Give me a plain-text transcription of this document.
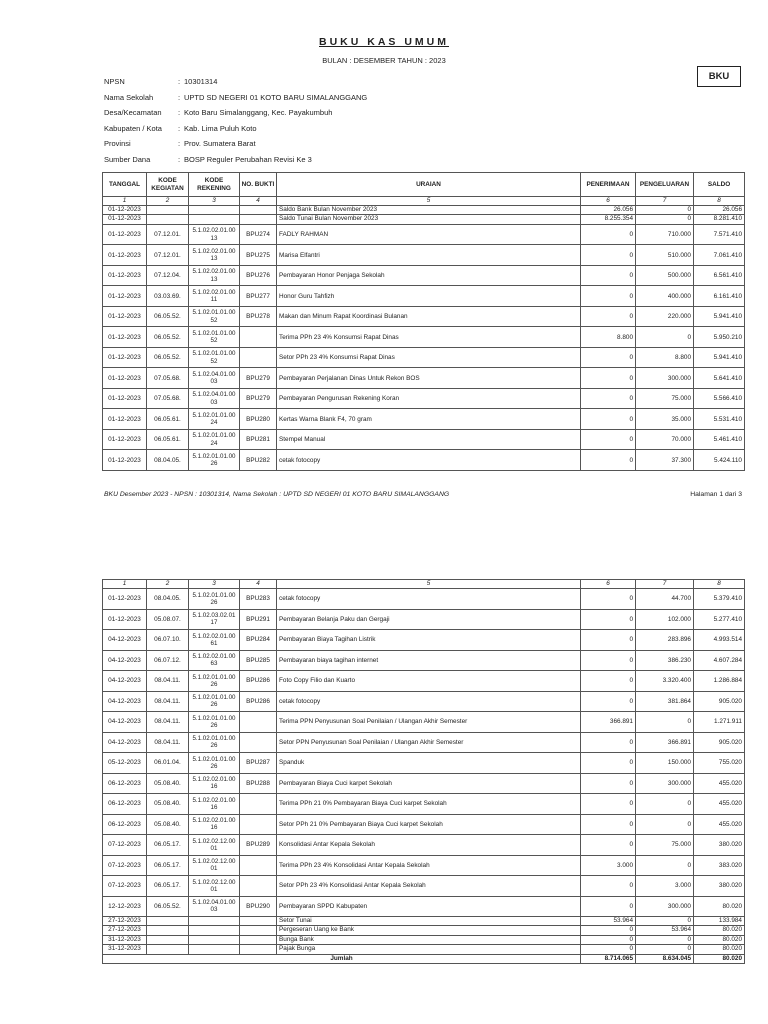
BUKU KAS UMUM
BULAN : DESEMBER TAHUN : 2023
BKU
NPSN	: 10301314
Nama Sekolah	: UPTD SD NEGERI 01 KOTO BARU SIMALANGGANG
Desa/Kecamatan	: Koto Baru Simalanggang, Kec. Payakumbuh
Kabupaten / Kota	: Kab. Lima Puluh Koto
Provinsi	: Prov. Sumatera Barat
Sumber Dana	: BOSP Reguler Perubahan Revisi Ke 3
TANGGAL	KODE KEGIATAN	KODE REKENING	NO. BUKTI	URAIAN	PENERIMAAN	PENGELUARAN	SALDO
1	2	3	4	5	6	7	8
01-12-2023				Saldo Bank Bulan November 2023	26.056	0	26.056
01-12-2023				Saldo Tunai Bulan November 2023	8.255.354	0	8.281.410
01-12-2023	07.12.01.	5.1.02.02.01.00 13	BPU274	FADLY RAHMAN	0	710.000	7.571.410
01-12-2023	07.12.01.	5.1.02.02.01.00 13	BPU275	Marisa Elfantri	0	510.000	7.061.410
01-12-2023	07.12.04.	5.1.02.02.01.00 13	BPU276	Pembayaran Honor Penjaga Sekolah	0	500.000	6.561.410
01-12-2023	03.03.69.	5.1.02.02.01.00 11	BPU277	Honor Guru Tahfizh	0	400.000	6.161.410
01-12-2023	06.05.52.	5.1.02.01.01.00 52	BPU278	Makan dan Minum Rapat Koordinasi Bulanan	0	220.000	5.941.410
01-12-2023	06.05.52.	5.1.02.01.01.00 52		Terima PPh 23 4% Konsumsi Rapat Dinas	8.800	0	5.950.210
01-12-2023	06.05.52.	5.1.02.01.01.00 52		Setor PPh 23 4% Konsumsi Rapat Dinas	0	8.800	5.941.410
01-12-2023	07.05.68.	5.1.02.04.01.00 03	BPU279	Pembayaran Perjalanan Dinas Untuk Rekon BOS	0	300.000	5.641.410
01-12-2023	07.05.68.	5.1.02.04.01.00 03	BPU279	Pembayaran Pengurusan Rekening Koran	0	75.000	5.566.410
01-12-2023	06.05.61.	5.1.02.01.01.00 24	BPU280	Kertas Warna Blank F4, 70 gram	0	35.000	5.531.410
01-12-2023	06.05.61.	5.1.02.01.01.00 24	BPU281	Stempel Manual	0	70.000	5.461.410
01-12-2023	08.04.05.	5.1.02.01.01.00 26	BPU282	cetak fotocopy	0	37.300	5.424.110
BKU Desember 2023 - NPSN : 10301314, Nama Sekolah : UPTD SD NEGERI 01 KOTO BARU SIMALANGGANG	Halaman 1 dari 3
1	2	3	4	5	6	7	8
01-12-2023	08.04.05.	5.1.02.01.01.00 26	BPU283	cetak fotocopy	0	44.700	5.379.410
01-12-2023	05.08.07.	5.1.02.03.02.01 17	BPU291	Pembayaran Belanja Paku dan Gergaji	0	102.000	5.277.410
04-12-2023	06.07.10.	5.1.02.02.01.00 61	BPU284	Pembayaran Biaya Tagihan Listrik	0	283.896	4.993.514
04-12-2023	06.07.12.	5.1.02.02.01.00 63	BPU285	Pembayaran biaya tagihan internet	0	386.230	4.607.284
04-12-2023	08.04.11.	5.1.02.01.01.00 26	BPU286	Foto Copy Filio dan Kuarto	0	3.320.400	1.286.884
04-12-2023	08.04.11.	5.1.02.01.01.00 26	BPU286	cetak fotocopy	0	381.864	905.020
04-12-2023	08.04.11.	5.1.02.01.01.00 26		Terima PPN Penyusunan Soal Penilaian / Ulangan Akhir Semester	366.891	0	1.271.911
04-12-2023	08.04.11.	5.1.02.01.01.00 26		Setor PPN Penyusunan Soal Penilaian / Ulangan Akhir Semester	0	366.891	905.020
05-12-2023	06.01.04.	5.1.02.01.01.00 26	BPU287	Spanduk	0	150.000	755.020
06-12-2023	05.08.40.	5.1.02.02.01.00 16	BPU288	Pembayaran Biaya Cuci karpet Sekolah	0	300.000	455.020
06-12-2023	05.08.40.	5.1.02.02.01.00 16		Terima PPh 21 0% Pembayaran Biaya Cuci karpet Sekolah	0	0	455.020
06-12-2023	05.08.40.	5.1.02.02.01.00 16		Setor PPh 21 0% Pembayaran Biaya Cuci karpet Sekolah	0	0	455.020
07-12-2023	06.05.17.	5.1.02.02.12.00 01	BPU289	Konsolidasi Antar Kepala Sekolah	0	75.000	380.020
07-12-2023	06.05.17.	5.1.02.02.12.00 01		Terima PPh 23 4% Konsolidasi Antar Kepala Sekolah	3.000	0	383.020
07-12-2023	06.05.17.	5.1.02.02.12.00 01		Setor PPh 23 4% Konsolidasi Antar Kepala Sekolah	0	3.000	380.020
12-12-2023	06.05.52.	5.1.02.04.01.00 03	BPU290	Pembayaran SPPD Kabupaten	0	300.000	80.020
27-12-2023				Setor Tunai	53.964	0	133.984
27-12-2023				Pergeseran Uang ke Bank	0	53.964	80.020
31-12-2023				Bunga Bank	0	0	80.020
31-12-2023				Pajak Bunga	0	0	80.020
Jumlah					8.714.065	8.634.045	80.020
